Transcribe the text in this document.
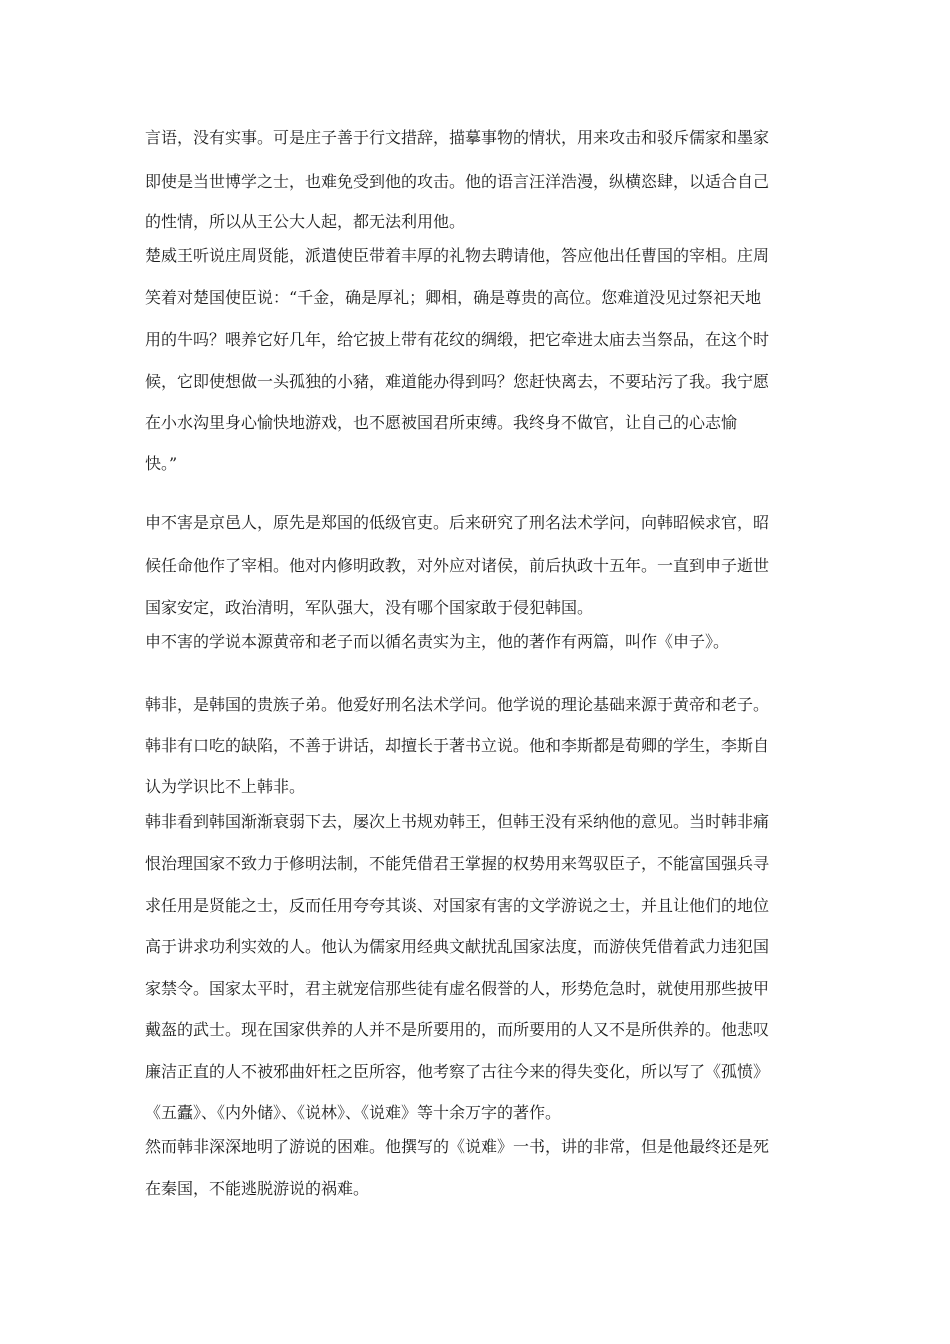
言语，没有实事。可是庄子善于行文措辞，描摹事物的情状，用来攻击和驳斥儒家和墨家
即使是当世博学之士，也难免受到他的攻击。他的语言汪洋浩漫，纵横恣肆，以适合自己
的性情，所以从王公大人起，都无法利用他。
楚威王听说庄周贤能，派遣使臣带着丰厚的礼物去聘请他，答应他出任曹国的宰相。庄周
笑着对楚国使臣说：“千金，确是厚礼；卿相，确是尊贵的高位。您难道没见过祭祀天地
用的牛吗？喂养它好几年，给它披上带有花纹的绸缎，把它牵进太庙去当祭品，在这个时
候，它即使想做一头孤独的小豬，难道能办得到吗？您赶快离去，不要玷污了我。我宁愿
在小水沟里身心愉快地游戏，也不愿被国君所束缚。我终身不做官，让自己的心志愉
快。”
申不害是京邑人，原先是郑国的低级官吏。后来研究了刑名法术学问，向韩昭候求官，昭
候任命他作了宰相。他对内修明政教，对外应对诸侯，前后执政十五年。一直到申子逝世
国家安定，政治清明，军队强大，没有哪个国家敢于侵犯韩国。
申不害的学说本源黄帝和老子而以循名责实为主，他的著作有两篇，叫作《申子》。
韩非，是韩国的贵族子弟。他爱好刑名法术学问。他学说的理论基础来源于黄帝和老子。
韩非有口吃的缺陷，不善于讲话，却擅长于著书立说。他和李斯都是荀卿的学生，李斯自
认为学识比不上韩非。
韩非看到韩国渐渐衰弱下去，屡次上书规劝韩王，但韩王没有采纳他的意见。当时韩非痛
恨治理国家不致力于修明法制，不能凭借君王掌握的权势用来驾驭臣子，不能富国强兵寻
求任用是贤能之士，反而任用夸夸其谈、对国家有害的文学游说之士，并且让他们的地位
高于讲求功利实效的人。他认为儒家用经典文献扰乱国家法度，而游侠凭借着武力违犯国
家禁令。国家太平时，君主就宠信那些徒有虚名假誉的人，形势危急时，就使用那些披甲
戴盔的武士。现在国家供养的人并不是所要用的，而所要用的人又不是所供养的。他悲叹
廉洁正直的人不被邪曲奸枉之臣所容，他考察了古往今来的得失变化，所以写了《孤愤》
《五蠹》、《内外储》、《说林》、《说难》等十余万字的著作。
然而韩非深深地明了游说的困难。他撰写的《说难》一书，讲的非常，但是他最终还是死
在秦国，不能逃脱游说的祸难。
